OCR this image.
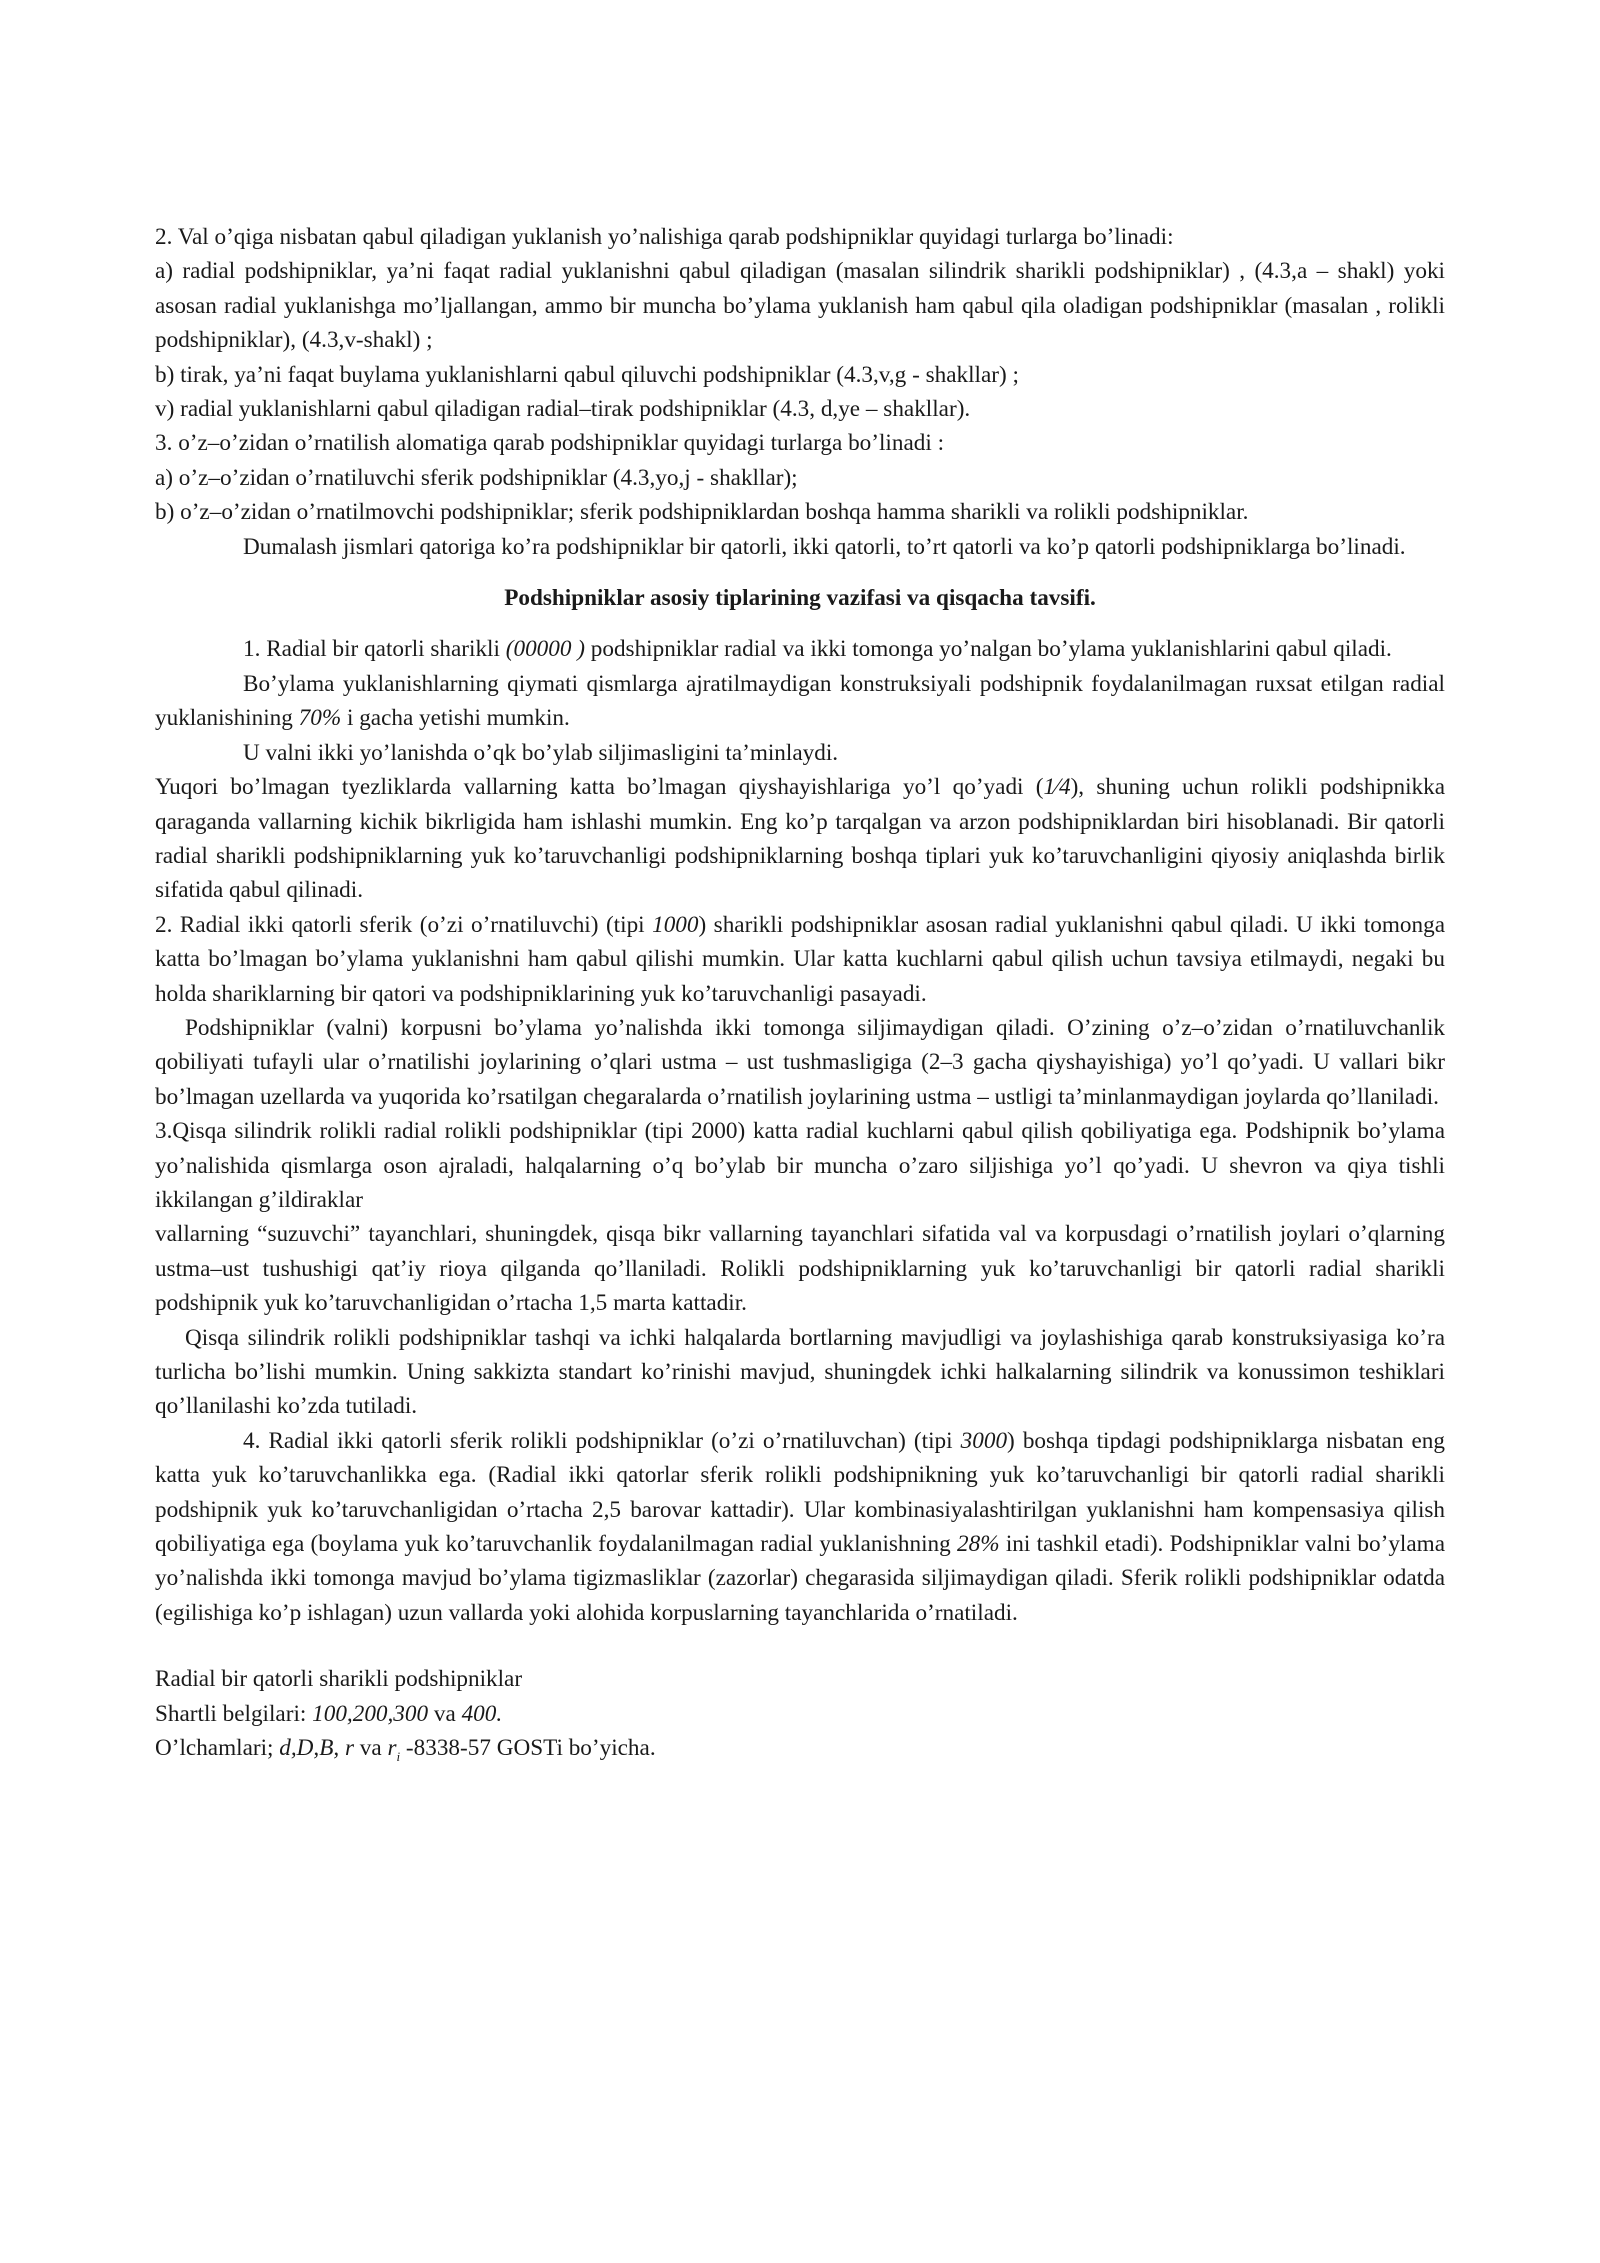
2. Val o’qiga nisbatan qabul qiladigan yuklanish yo’nalishiga qarab podshipniklar quyidagi turlarga bo’linadi:

a) radial podshipniklar, ya’ni faqat radial yuklanishni qabul qiladigan (masalan silindrik sharikli podshipniklar) , (4.3,a – shakl) yoki asosan radial yuklanishga mo’ljallangan, ammo bir muncha bo’ylama yuklanish ham qabul qila oladigan podshipniklar (masalan , rolikli podshipniklar), (4.3,v-shakl) ;

b) tirak, ya’ni faqat buylama yuklanishlarni qabul qiluvchi podshipniklar (4.3,v,g - shakllar) ;

v) radial yuklanishlarni qabul qiladigan radial–tirak podshipniklar (4.3, d,ye – shakllar).

3. o’z–o’zidan o’rnatilish alomatiga qarab podshipniklar quyidagi turlarga bo’linadi :

a) o’z–o’zidan o’rnatiluvchi sferik podshipniklar (4.3,yo,j - shakllar);

b) o’z–o’zidan o’rnatilmovchi podshipniklar; sferik podshipniklardan boshqa hamma sharikli va rolikli podshipniklar.

Dumalash jismlari qatoriga ko’ra podshipniklar bir qatorli, ikki qatorli, to’rt qatorli va ko’p qatorli podshipniklarga bo’linadi.

Podshipniklar asosiy tiplarining vazifasi va qisqacha tavsifi.

1. Radial bir qatorli sharikli (00000 ) podshipniklar radial va ikki tomonga yo’nalgan bo’ylama yuklanishlarini qabul qiladi.

Bo’ylama yuklanishlarning qiymati qismlarga ajratilmaydigan konstruksiyali podshipnik foydalanilmagan ruxsat etilgan radial yuklanishining 70% i gacha yetishi mumkin.

U valni ikki yo’lanishda o’qk bo’ylab siljimasligini ta’minlaydi.

Yuqori bo’lmagan tyezliklarda vallarning katta bo’lmagan qiyshayishlariga yo’l qo’yadi (1⁄4), shuning uchun rolikli podshipnikka qaraganda vallarning kichik bikrligida ham ishlashi mumkin. Eng ko’p tarqalgan va arzon podshipniklardan biri hisoblanadi. Bir qatorli radial sharikli podshipniklarning yuk ko’taruvchanligi podshipniklarning boshqa tiplari yuk ko’taruvchanligini qiyosiy aniqlashda birlik sifatida qabul qilinadi.

2. Radial ikki qatorli sferik (o’zi o’rnatiluvchi) (tipi 1000) sharikli podshipniklar asosan radial yuklanishni qabul qiladi. U ikki tomonga katta bo’lmagan bo’ylama yuklanishni ham qabul qilishi mumkin. Ular katta kuchlarni qabul qilish uchun tavsiya etilmaydi, negaki bu holda shariklarning bir qatori va podshipniklarining yuk ko’taruvchanligi pasayadi.

Podshipniklar (valni) korpusni bo’ylama yo’nalishda ikki tomonga siljimaydigan qiladi. O’zining o’z–o’zidan o’rnatiluvchanlik qobiliyati tufayli ular o’rnatilishi joylarining o’qlari ustma – ust tushmasligiga (2–3 gacha qiyshayishiga) yo’l qo’yadi. U vallari bikr bo’lmagan uzellarda va yuqorida ko’rsatilgan chegaralarda o’rnatilish joylarining ustma – ustligi ta’minlanmaydigan joylarda qo’llaniladi.

3.Qisqa silindrik rolikli radial rolikli podshipniklar (tipi 2000) katta radial kuchlarni qabul qilish qobiliyatiga ega. Podshipnik bo’ylama yo’nalishida qismlarga oson ajraladi, halqalarning o’q bo’ylab bir muncha o’zaro siljishiga yo’l qo’yadi. U shevron va qiya tishli ikkilangan g’ildiraklar

vallarning “suzuvchi” tayanchlari, shuningdek, qisqa bikr vallarning tayanchlari sifatida val va korpusdagi o’rnatilish joylari o’qlarning ustma–ust tushushigi qat’iy rioya qilganda qo’llaniladi. Rolikli podshipniklarning yuk ko’taruvchanligi bir qatorli radial sharikli podshipnik yuk ko’taruvchanligidan o’rtacha 1,5 marta kattadir.

Qisqa silindrik rolikli podshipniklar tashqi va ichki halqalarda bortlarning mavjudligi va joylashishiga qarab konstruksiyasiga ko’ra turlicha bo’lishi mumkin. Uning sakkizta standart ko’rinishi mavjud, shuningdek ichki halkalarning silindrik va konussimon teshiklari qo’llanilashi ko’zda tutiladi.

4. Radial ikki qatorli sferik rolikli podshipniklar (o’zi o’rnatiluvchan) (tipi 3000) boshqa tipdagi podshipniklarga nisbatan eng katta yuk ko’taruvchanlikka ega. (Radial ikki qatorlar sferik rolikli podshipnikning yuk ko’taruvchanligi bir qatorli radial sharikli podshipnik yuk ko’taruvchanligidan o’rtacha 2,5 barovar kattadir). Ular kombinasiyalashtirilgan yuklanishni ham kompensasiya qilish qobiliyatiga ega (boylama yuk ko’taruvchanlik foydalanilmagan radial yuklanishning 28% ini tashkil etadi). Podshipniklar valni bo’ylama yo’nalishda ikki tomonga mavjud bo’ylama tigizmasliklar (zazorlar) chegarasida siljimaydigan qiladi. Sferik rolikli podshipniklar odatda (egilishiga ko’p ishlagan) uzun vallarda yoki alohida korpuslarning tayanchlarida o’rnatiladi.

Radial bir qatorli sharikli podshipniklar

Shartli belgilari: 100,200,300 va 400.

O’lchamlari; d,D,B, r va $r_i$ -8338-57 GOSTi bo’yicha.
